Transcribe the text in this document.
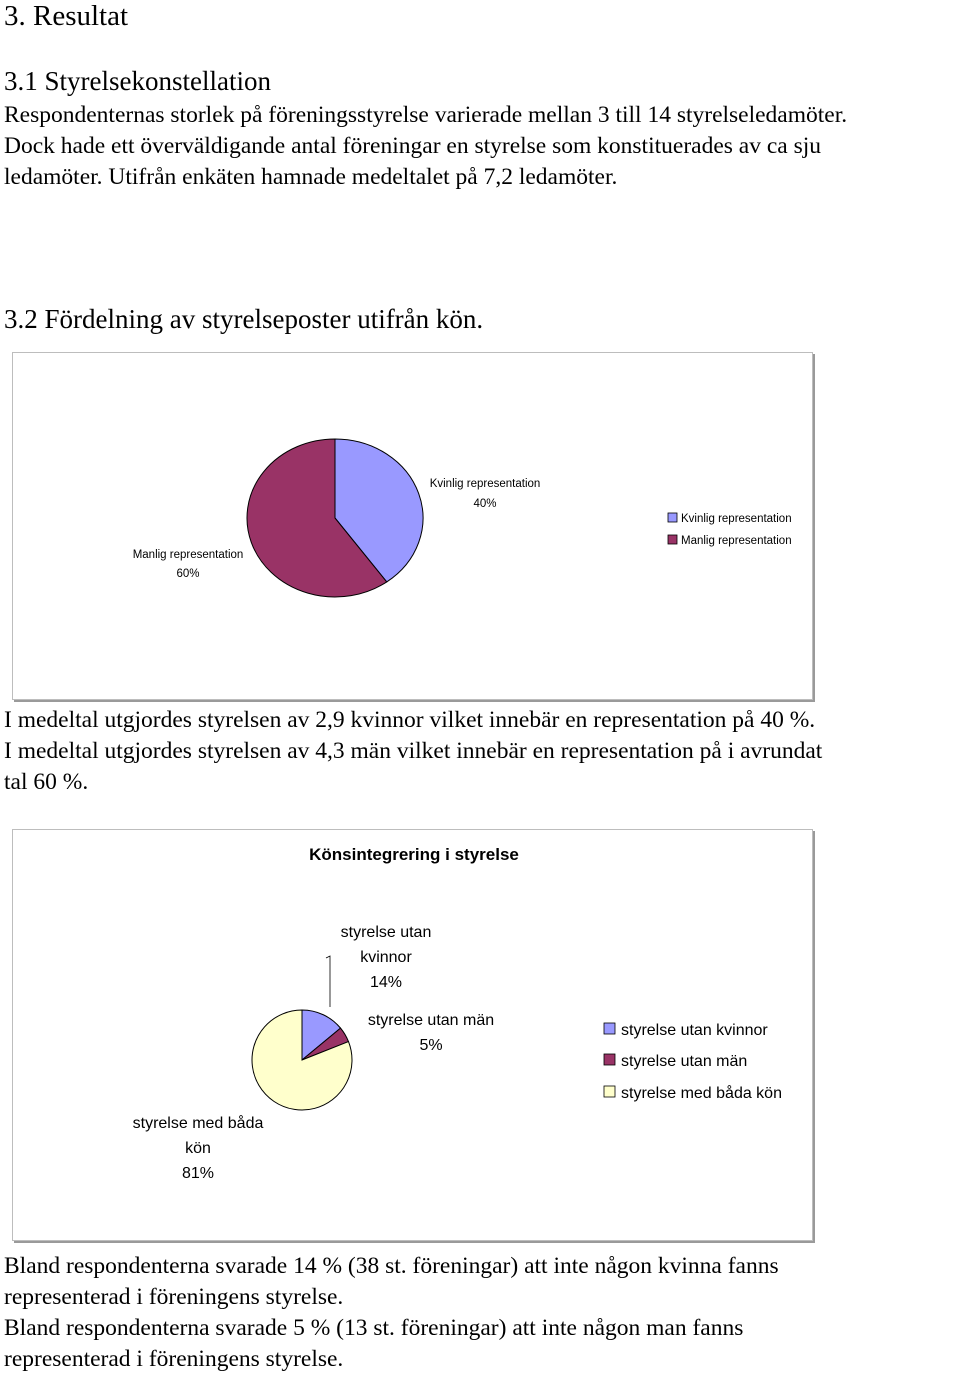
3. Resultat
3.1 Styrelsekonstellation
Respondenternas storlek på föreningsstyrelse varierade mellan 3 till 14 styrelseledamöter.
Dock hade ett överväldigande antal föreningar en styrelse som konstituerades av ca sju
ledamöter. Utifrån enkäten hamnade medeltalet på 7,2 ledamöter.
3.2 Fördelning av styrelseposter utifrån kön.
Kvinlig representation
40%
Manlig representation
60%
Kvinlig representation
Manlig representation
I medeltal utgjordes styrelsen av 2,9 kvinnor vilket innebär en representation på 40 %.
I medeltal utgjordes styrelsen av 4,3 män vilket innebär en representation på i avrundat
tal 60 %.
Könsintegrering i styrelse
styrelse utan
kvinnor
14%
styrelse utan män
5%
styrelse med båda
kön
81%
styrelse utan kvinnor
styrelse utan män
styrelse med båda kön
Bland respondenterna svarade 14 % (38 st. föreningar) att inte någon kvinna fanns
representerad i föreningens styrelse.
Bland respondenterna svarade 5 % (13 st. föreningar) att inte någon man fanns
representerad i föreningens styrelse.
